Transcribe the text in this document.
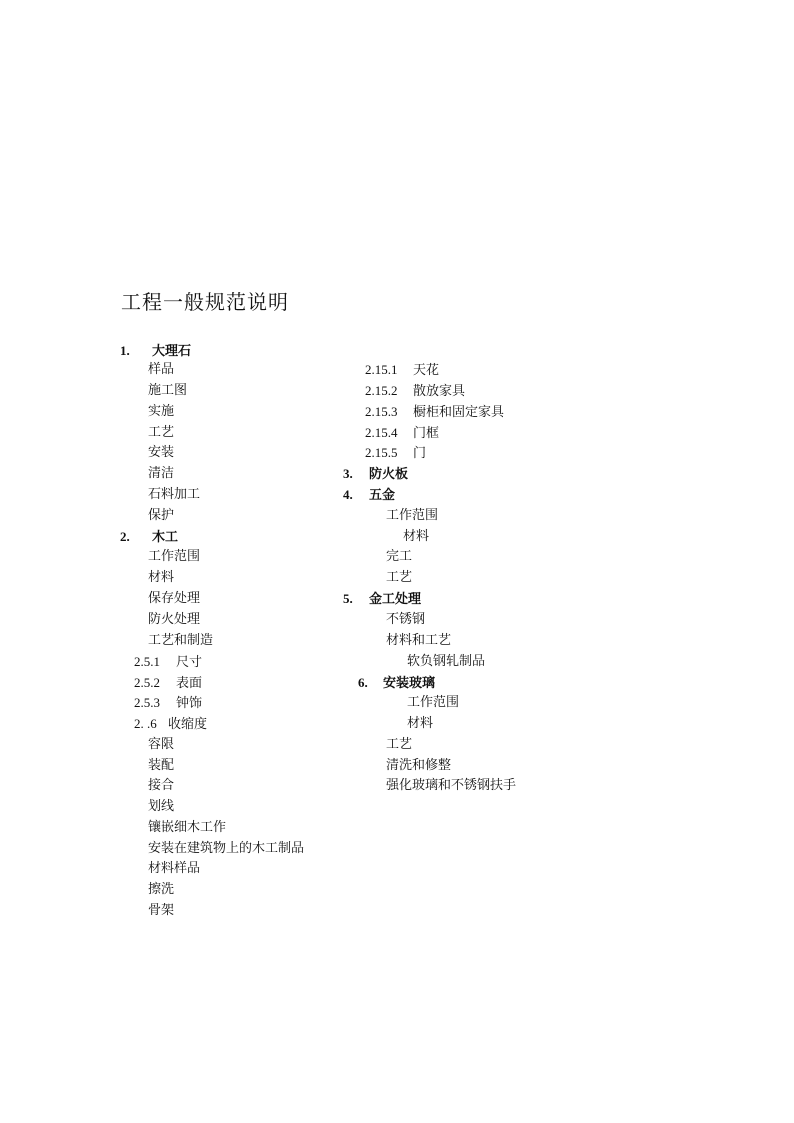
工程一般规范说明
1. 大理石
样品
施工图
实施
工艺
安装
清洁
石料加工
保护
2. 木工
工作范围
材料
保存处理
防火处理
工艺和制造
2.5.1 尺寸
2.5.2 表面
2.5.3 钟饰
2. .6 收缩度
容限
装配
接合
划线
镶嵌细木工作
安装在建筑物上的木工制品
材料样品
擦洗
骨架
2.15.1 天花
2.15.2 散放家具
2.15.3 橱柜和固定家具
2.15.4 门框
2.15.5 门
3. 防火板
4. 五金
工作范围
材料
完工
工艺
5. 金工处理
不锈钢
材料和工艺
软负钢轧制品
6. 安装玻璃
工作范围
材料
工艺
清洗和修整
强化玻璃和不锈钢扶手
